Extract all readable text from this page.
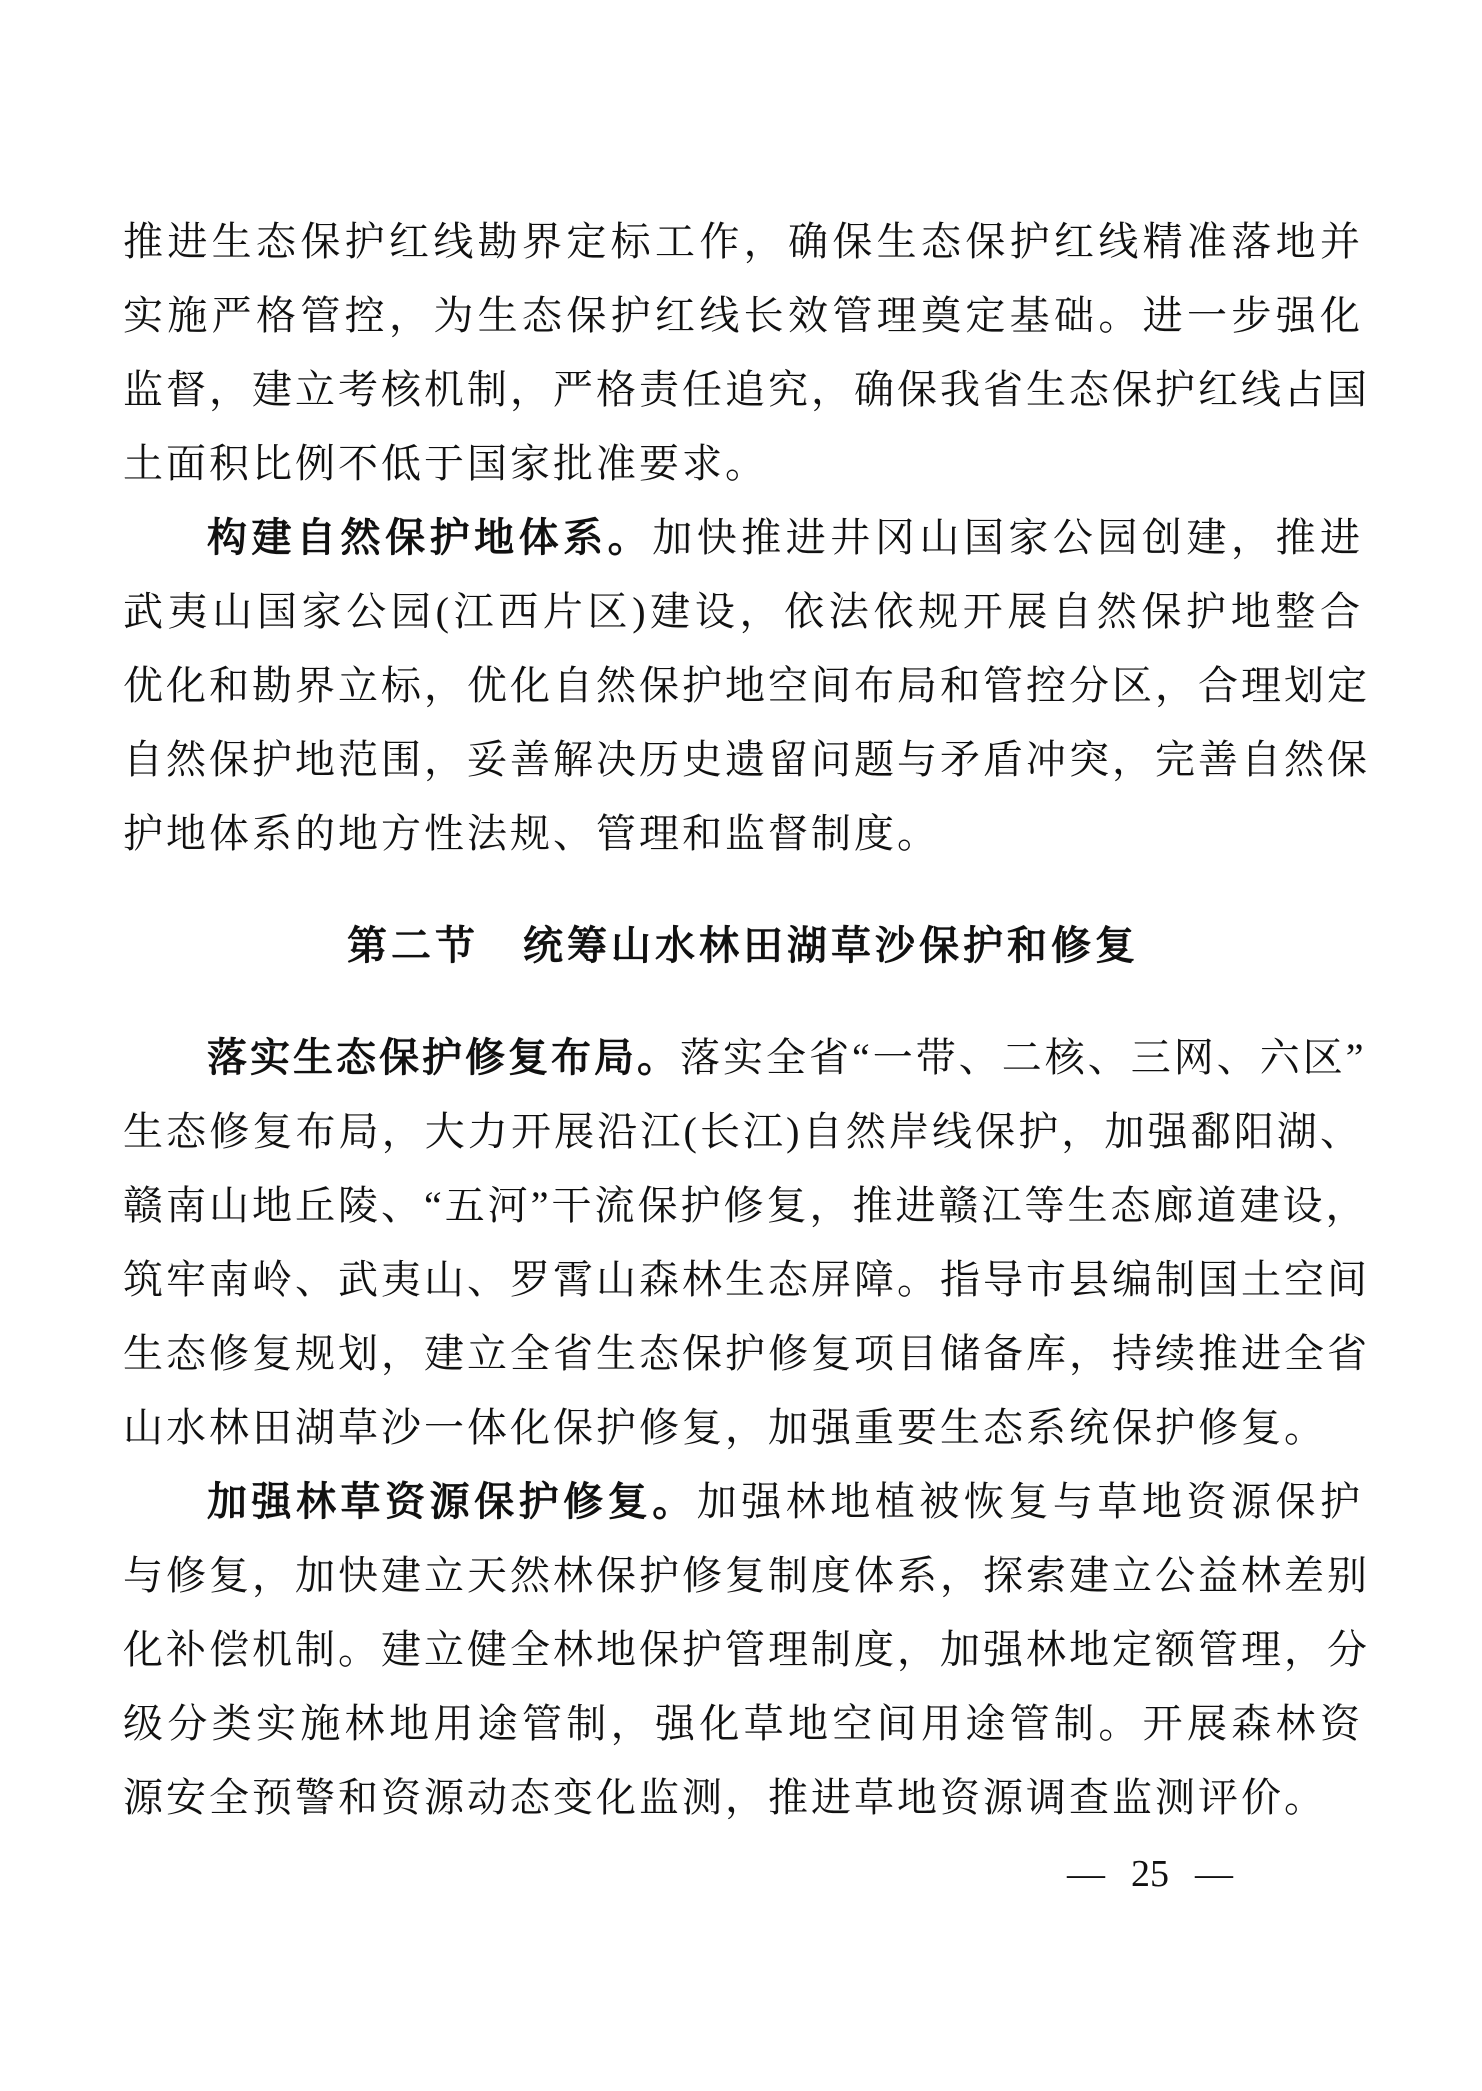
推进生态保护红线勘界定标工作，确保生态保护红线精准落地并
实施严格管控，为生态保护红线长效管理奠定基础。进一步强化
监督，建立考核机制，严格责任追究，确保我省生态保护红线占国
土面积比例不低于国家批准要求。
构建自然保护地体系。加快推进井冈山国家公园创建，推进
武夷山国家公园(江西片区)建设，依法依规开展自然保护地整合
优化和勘界立标，优化自然保护地空间布局和管控分区，合理划定
自然保护地范围，妥善解决历史遗留问题与矛盾冲突，完善自然保
护地体系的地方性法规、管理和监督制度。
第二节 统筹山水林田湖草沙保护和修复
落实生态保护修复布局。落实全省“一带、二核、三网、六区”
生态修复布局，大力开展沿江(长江)自然岸线保护，加强鄱阳湖、
赣南山地丘陵、“五河”干流保护修复，推进赣江等生态廊道建设，
筑牢南岭、武夷山、罗霄山森林生态屏障。指导市县编制国土空间
生态修复规划，建立全省生态保护修复项目储备库，持续推进全省
山水林田湖草沙一体化保护修复，加强重要生态系统保护修复。
加强林草资源保护修复。加强林地植被恢复与草地资源保护
与修复，加快建立天然林保护修复制度体系，探索建立公益林差别
化补偿机制。建立健全林地保护管理制度，加强林地定额管理，分
级分类实施林地用途管制，强化草地空间用途管制。开展森林资
源安全预警和资源动态变化监测，推进草地资源调查监测评价。
— 25 —
